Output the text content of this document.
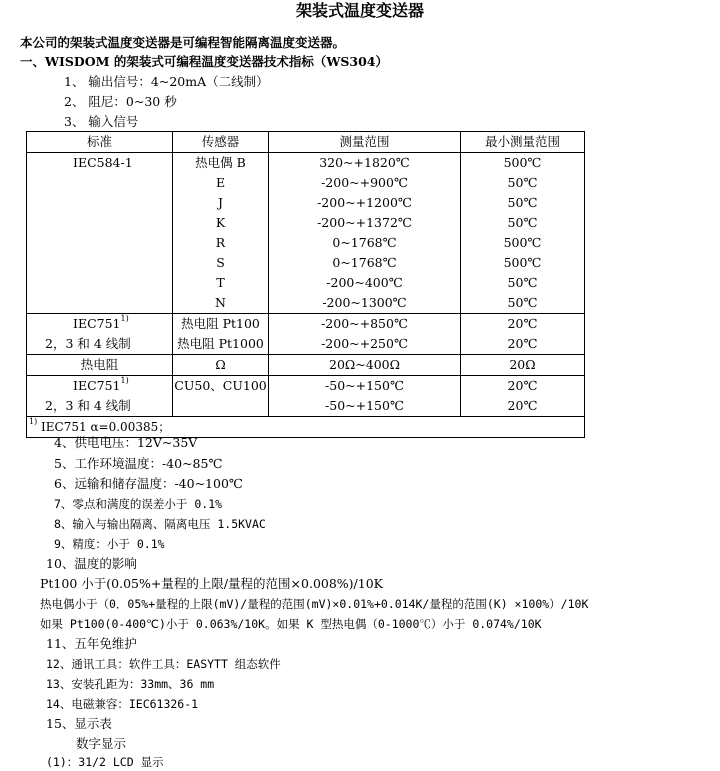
架装式温度变送器
本公司的架装式温度变送器是可编程智能隔离温度变送器。
一、WISDOM 的架装式可编程温度变送器技术指标（WS304）
1、 输出信号：4~20mA（二线制）
2、 阻尼：0~30 秒
3、 输入信号
标准	传感器	测量范围	最小测量范围
IEC584-1	热电偶 B	320~+1820℃	500℃
	E	-200~+900℃	50℃
	J	-200~+1200℃	50℃
	K	-200~+1372℃	50℃
	R	0~1768℃	500℃
	S	0~1768℃	500℃
	T	-200~400℃	50℃
	N	-200~1300℃	50℃
IEC751$^{1)}$	热电阻 Pt100	-200~+850℃	20℃
2，3 和 4 线制	热电阻 Pt1000	-200~+250℃	20℃
热电阻	Ω	20Ω~400Ω	20Ω
IEC751$^{1)}$	CU50、CU100	-50~+150℃	20℃
2，3 和 4 线制		-50~+150℃	20℃
$^{1)}$ IEC751 α=0.00385；			
4、供电电压：12V~35V
5、工作环境温度：-40~85℃
6、远输和储存温度：-40~100℃
7、零点和满度的误差小于 0.1%
8、输入与输出隔离、隔离电压 1.5KVAC
9、精度：小于 0.1%
10、温度的影响
Pt100 小于(0.05%+量程的上限/量程的范围×0.008%)/10K
热电偶小于（0．05%+量程的上限(mV)/量程的范围(mV)×0.01%+0.014K/量程的范围(K) ×100%）/10K
如果 Pt100(0-400℃)小于 0.063%/10K。如果 K 型热电偶（0-1000℃）小于 0.074%/10K
11、五年免维护
12、通讯工具：软件工具：EASYTT 组态软件
13、安装孔距为：33mm、36 mm
14、电磁兼容：IEC61326-1
15、显示表
数字显示
(1)：31/2 LCD 显示
